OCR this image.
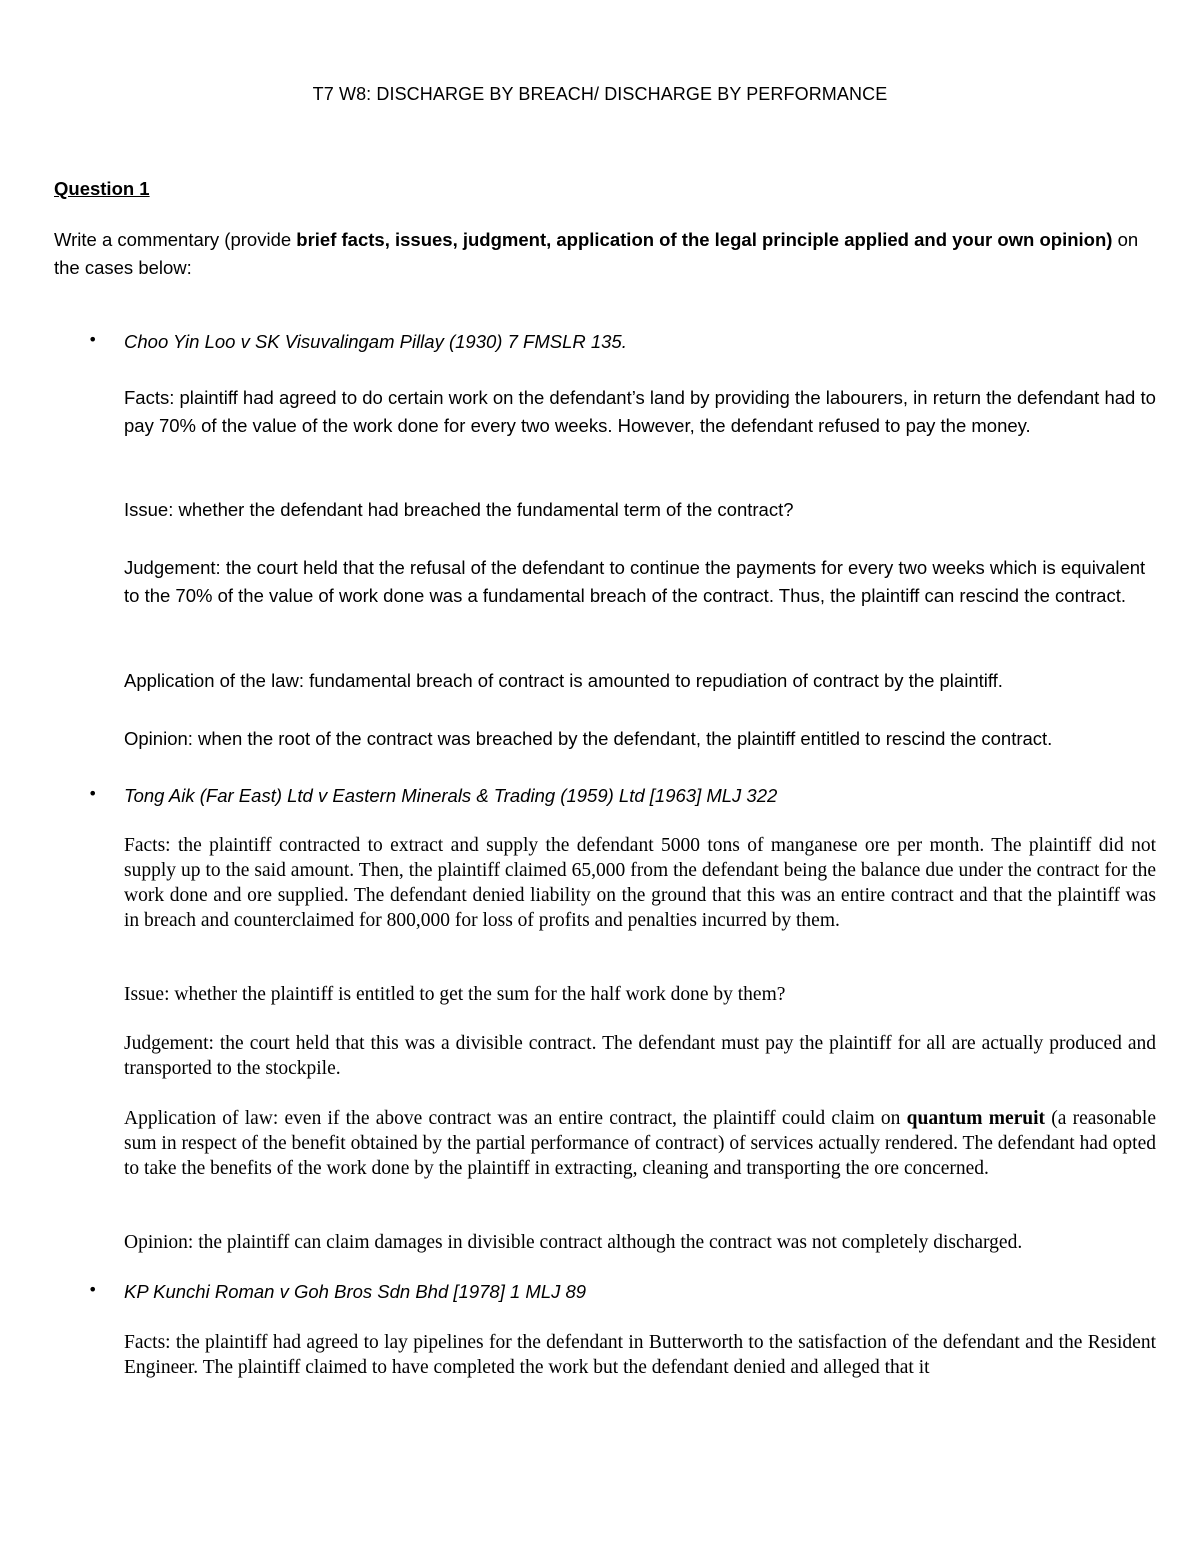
T7 W8: DISCHARGE BY BREACH/ DISCHARGE BY PERFORMANCE
Question 1
Write a commentary (provide brief facts, issues, judgment, application of the legal principle applied and your own opinion) on the cases below:
• Choo Yin Loo v SK Visuvalingam Pillay (1930) 7 FMSLR 135.

Facts: plaintiff had agreed to do certain work on the defendant’s land by providing the labourers, in return the defendant had to pay 70% of the value of the work done for every two weeks. However, the defendant refused to pay the money.

Issue: whether the defendant had breached the fundamental term of the contract?

Judgement: the court held that the refusal of the defendant to continue the payments for every two weeks which is equivalent to the 70% of the value of work done was a fundamental breach of the contract. Thus, the plaintiff can rescind the contract.

Application of the law: fundamental breach of contract is amounted to repudiation of contract by the plaintiff.

Opinion: when the root of the contract was breached by the defendant, the plaintiff entitled to rescind the contract.

• Tong Aik (Far East) Ltd v Eastern Minerals & Trading (1959) Ltd [1963] MLJ 322

Facts: the plaintiff contracted to extract and supply the defendant 5000 tons of manganese ore per month. The plaintiff did not supply up to the said amount. Then, the plaintiff claimed 65,000 from the defendant being the balance due under the contract for the work done and ore supplied. The defendant denied liability on the ground that this was an entire contract and that the plaintiff was in breach and counterclaimed for 800,000 for loss of profits and penalties incurred by them.

Issue: whether the plaintiff is entitled to get the sum for the half work done by them?

Judgement: the court held that this was a divisible contract. The defendant must pay the plaintiff for all are actually produced and transported to the stockpile.

Application of law: even if the above contract was an entire contract, the plaintiff could claim on quantum meruit (a reasonable sum in respect of the benefit obtained by the partial performance of contract) of services actually rendered. The defendant had opted to take the benefits of the work done by the plaintiff in extracting, cleaning and transporting the ore concerned.

Opinion: the plaintiff can claim damages in divisible contract although the contract was not completely discharged.

• KP Kunchi Roman v Goh Bros Sdn Bhd [1978] 1 MLJ 89

Facts: the plaintiff had agreed to lay pipelines for the defendant in Butterworth to the satisfaction of the defendant and the Resident Engineer. The plaintiff claimed to have completed the work but the defendant denied and alleged that it
